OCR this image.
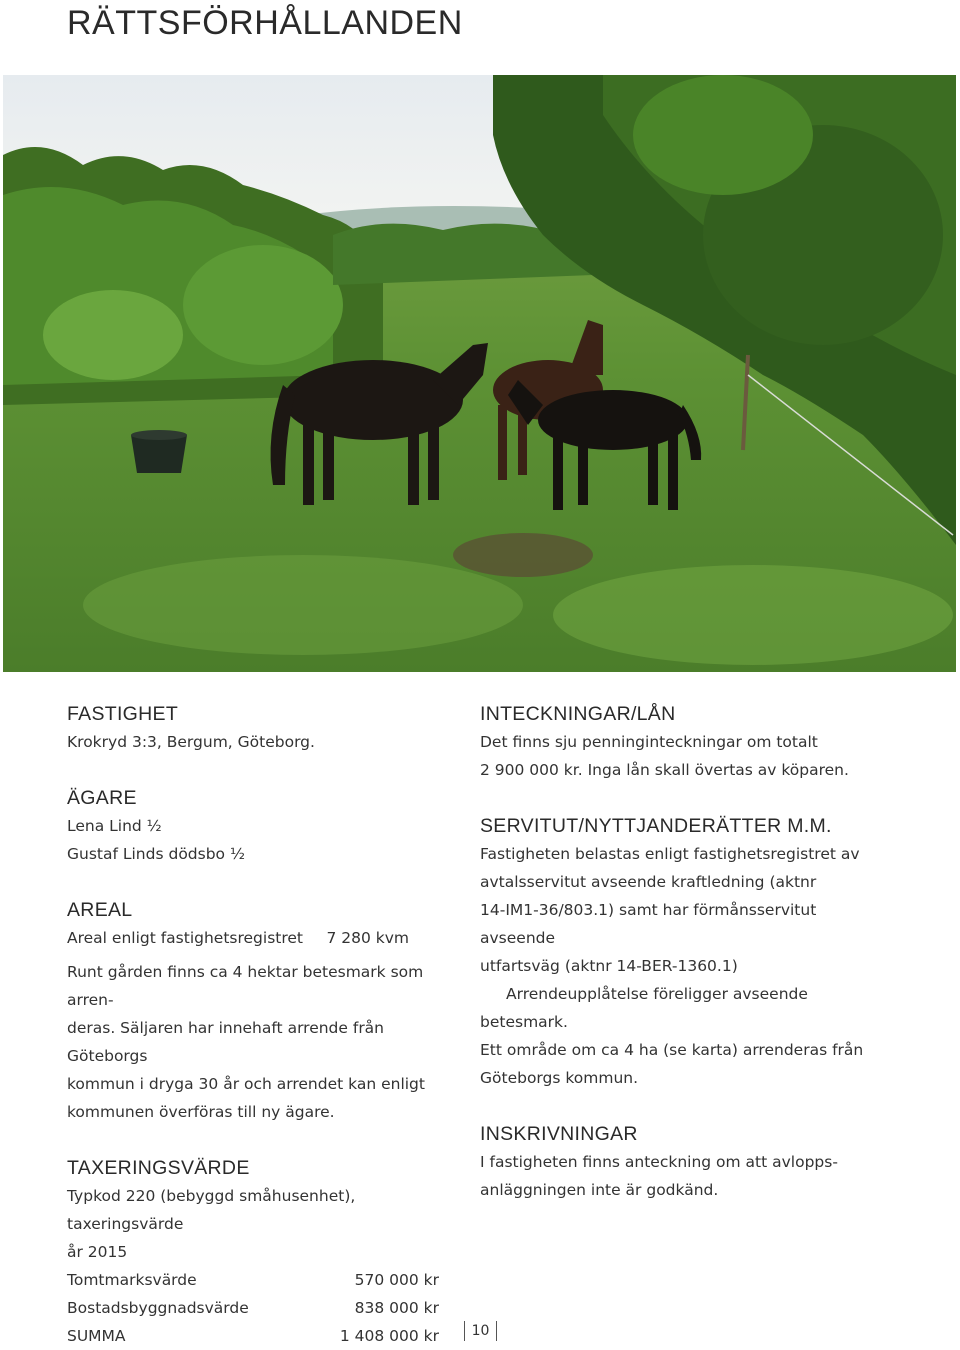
RÄTTSFÖRHÅLLANDEN
FASTIGHET

Krokryd 3:3, Bergum, Göteborg.

ÄGARE

Lena Lind ½

Gustaf Linds dödsbo ½

AREAL
Areal enligt fastighetsregistret 7 280 kvm

Runt gården finns ca 4 hektar betesmark som arren-

deras. Säljaren har innehaft arrende från Göteborgs

kommun i dryga 30 år och arrendet kan enligt

kommunen överföras till ny ägare.

TAXERINGSVÄRDE

Typkod 220 (bebyggd småhusenhet), taxeringsvärde

år 2015

Tomtmarksvärde	570 000 kr
Bostadsbyggnadsvärde	838 000 kr
SUMMA	1 408 000 kr
INTECKNINGAR/LÅN

Det finns sju penninginteckningar om totalt

2 900 000 kr. Inga lån skall övertas av köparen.

SERVITUT/NYTTJANDERÄTTER M.M.

Fastigheten belastas enligt fastighetsregistret av

avtalsservitut avseende kraftledning (aktnr

14-IM1-36/803.1) samt har förmånsservitut avseende

utfartsväg (aktnr 14-BER-1360.1)

Arrendeupplåtelse föreligger avseende betesmark.

Ett område om ca 4 ha (se karta) arrenderas från

Göteborgs kommun.

INSKRIVNINGAR

I fastigheten finns anteckning om att avlopps-

anläggningen inte är godkänd.

10
